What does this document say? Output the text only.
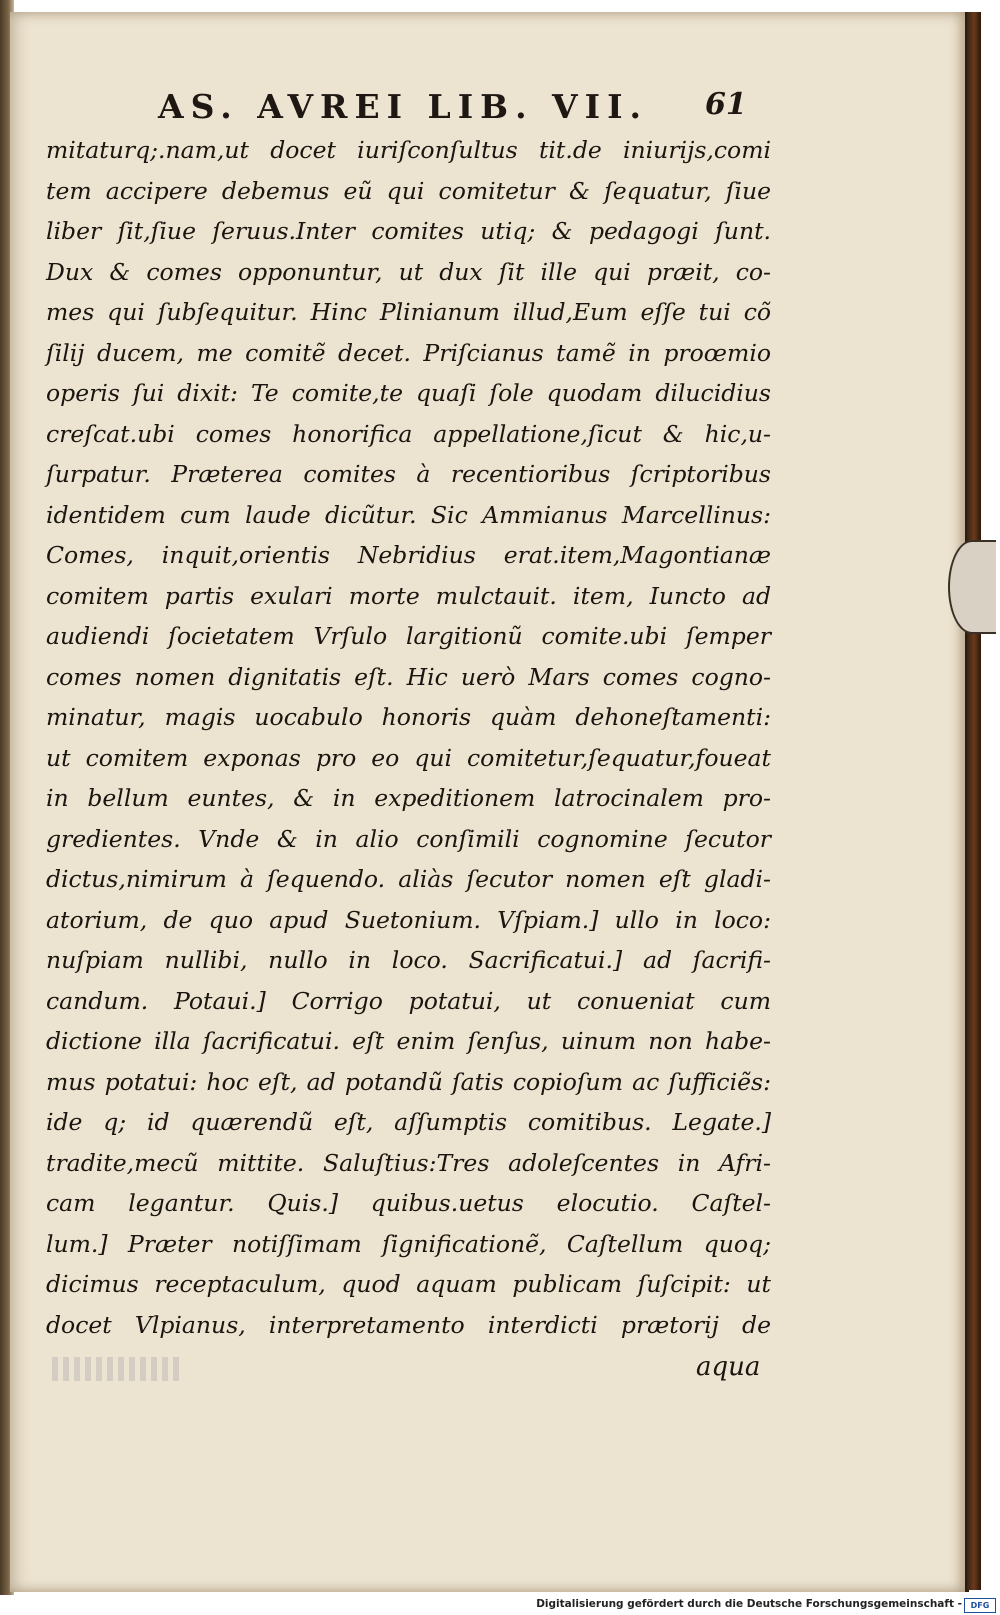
AS. AVREI LIB. VII. 61
mitaturq;.nam,ut docet iuriſconſultus tit.de iniurijs,comi
tem accipere debemus eũ qui comitetur & ſequatur, ſiue
liber ſit,ſiue ſeruus.Inter comites utiq; & pedagogi ſunt.
Dux & comes opponuntur, ut dux ſit ille qui præit, co-
mes qui ſubſequitur. Hinc Plinianum illud,Eum eſſe tui cõ
ſilij ducem, me comitẽ decet. Priſcianus tamẽ in proœmio
operis ſui dixit: Te comite,te quaſi ſole quodam dilucidius
creſcat.ubi comes honorifica appellatione,ſicut & hic,u-
ſurpatur. Præterea comites à recentioribus ſcriptoribus
identidem cum laude dicũtur. Sic Ammianus Marcellinus:
Comes, inquit,orientis Nebridius erat.item,Magontianæ
comitem partis exulari morte mulctauit. item, Iuncto ad
audiendi ſocietatem Vrſulo largitionũ comite.ubi ſemper
comes nomen dignitatis eſt. Hic uerò Mars comes cogno-
minatur, magis uocabulo honoris quàm dehoneſtamenti:
ut comitem exponas pro eo qui comitetur,ſequatur,foueat
in bellum euntes, & in expeditionem latrocinalem pro-
gredientes. Vnde & in alio conſimili cognomine ſecutor
dictus,nimirum à ſequendo. aliàs ſecutor nomen eſt gladi-
atorium, de quo apud Suetonium. Vſpiam.] ullo in loco:
nuſpiam nullibi, nullo in loco. Sacrificatui.] ad ſacrifi-
candum. Potaui.] Corrigo potatui, ut conueniat cum
dictione illa ſacrificatui. eſt enim ſenſus, uinum non habe-
mus potatui: hoc eſt, ad potandũ ſatis copioſum ac ſufficiẽs:
ide q; id quærendũ eſt, aſſumptis comitibus. Legate.]
tradite,mecũ mittite. Saluſtius:Tres adoleſcentes in Afri-
cam legantur. Quis.] quibus.uetus elocutio. Caſtel-
lum.] Præter notiſſimam ſignificationẽ, Caſtellum quoq;
dicimus receptaculum, quod aquam publicam ſuſcipit: ut
docet Vlpianus, interpretamento interdicti prætorij de
aqua
Digitalisierung gefördert durch die Deutsche Forschungsgemeinschaft -	DFG
